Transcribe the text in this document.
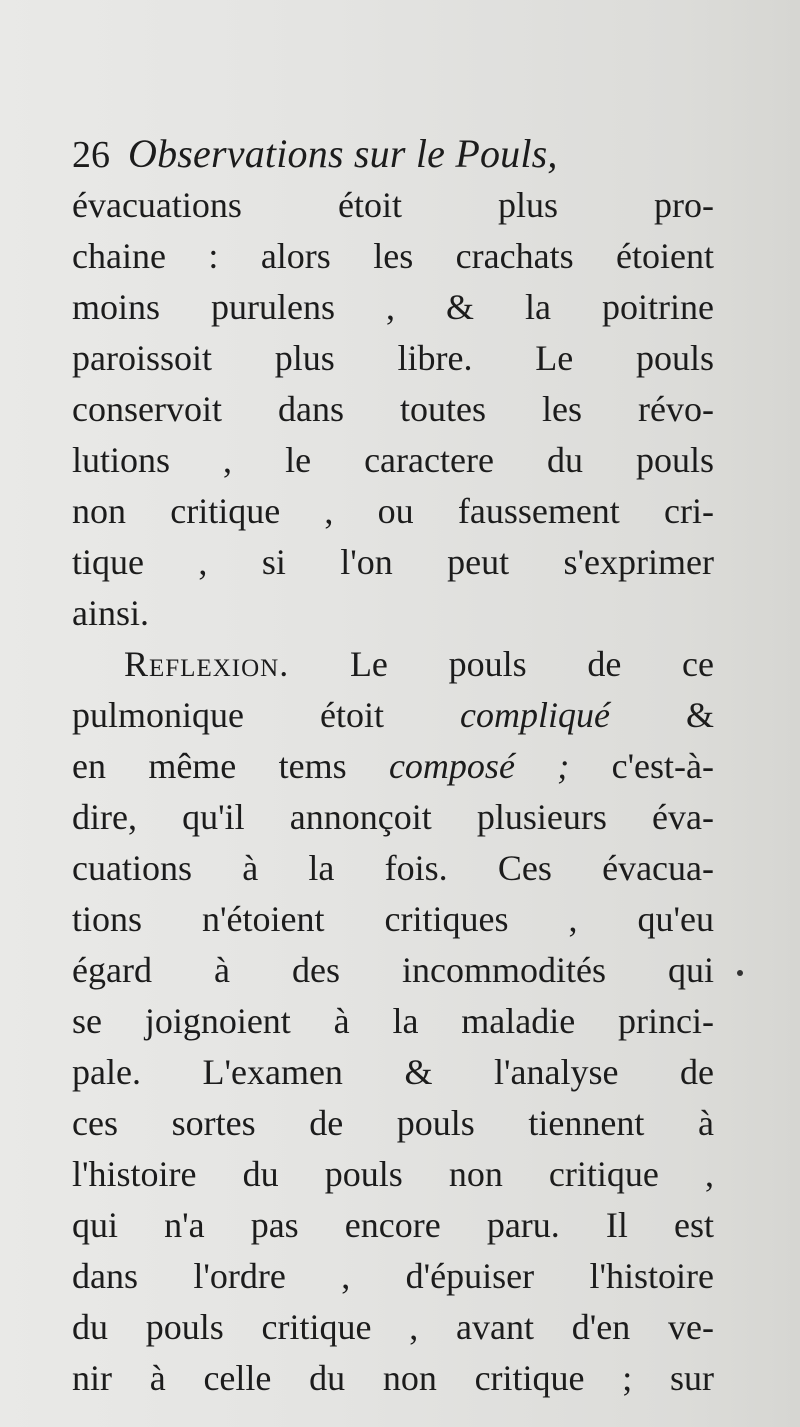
26 Observations sur le Pouls,
évacuations étoit plus pro-
chaine : alors les crachats étoient
moins purulens , & la poitrine
paroissoit plus libre. Le pouls
conservoit dans toutes les révo-
lutions , le caractere du pouls
non critique , ou faussement cri-
tique , si l'on peut s'exprimer
ainsi.
Reflexion. Le pouls de ce
pulmonique étoit compliqué &
en même tems composé ; c'est-à-
dire, qu'il annonçoit plusieurs éva-
cuations à la fois. Ces évacua-
tions n'étoient critiques , qu'eu
égard à des incommodités qui
se joignoient à la maladie princi-
pale. L'examen & l'analyse de
ces sortes de pouls tiennent à
l'histoire du pouls non critique ,
qui n'a pas encore paru. Il est
dans l'ordre , d'épuiser l'histoire
du pouls critique , avant d'en ve-
nir à celle du non critique ; sur
